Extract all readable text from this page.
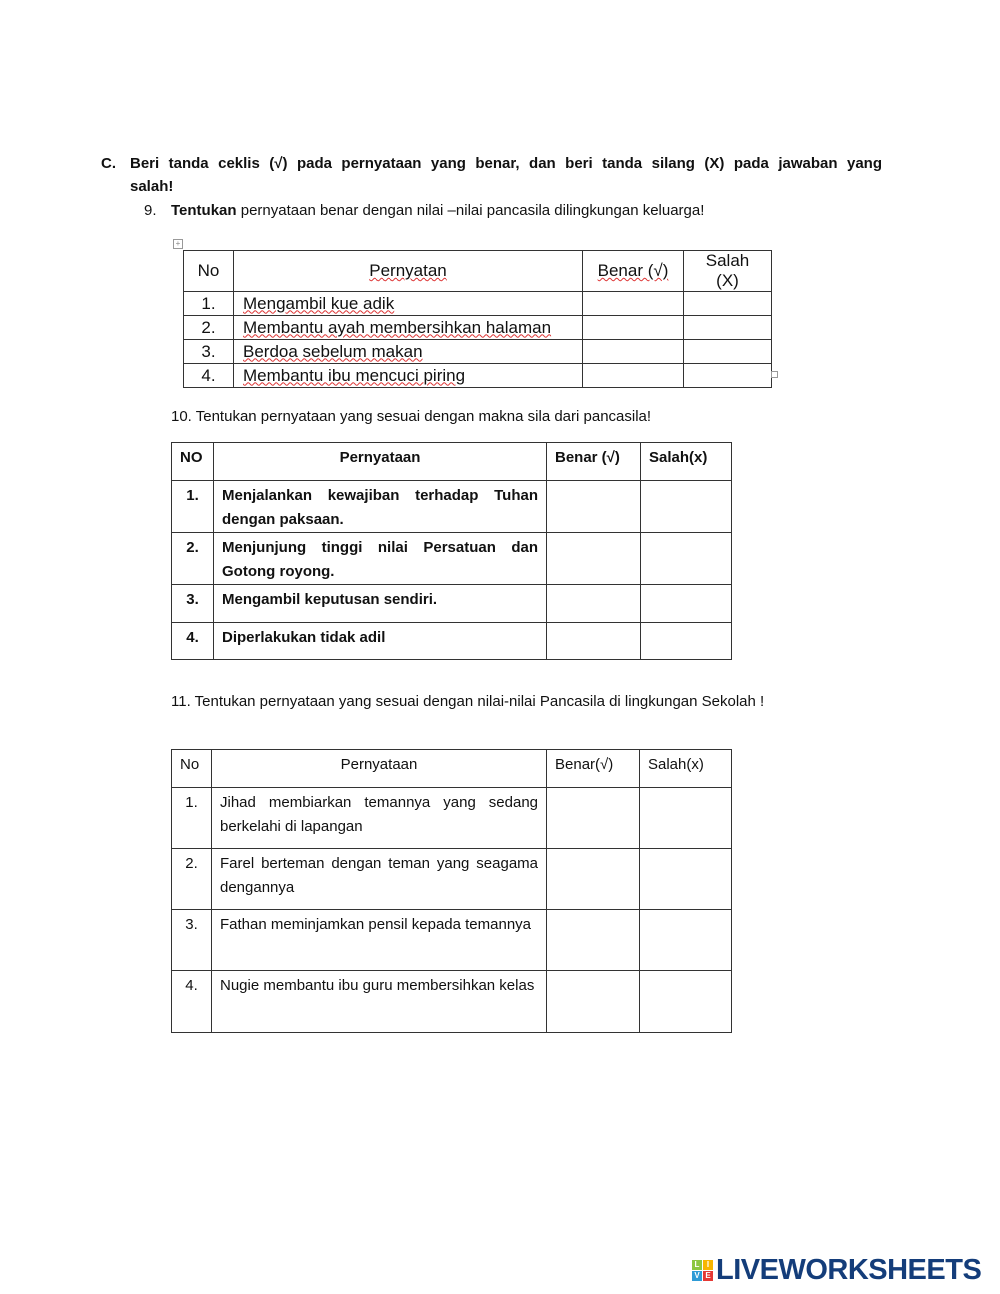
C. Beri tanda ceklis (√) pada pernyataan yang benar, dan beri tanda silang (X) pada jawaban yang
salah!
9. Tentukan pernyataan benar dengan nilai –nilai pancasila dilingkungan keluarga!
+
No	Pernyatan	Benar (√)	Salah (X)
1.	Mengambil kue adik		
2.	Membantu ayah membersihkan halaman		
3.	Berdoa sebelum makan		
4.	Membantu ibu mencuci piring		
10. Tentukan pernyataan yang sesuai dengan makna sila dari pancasila!
NO	Pernyataan	Benar (√)	Salah(x)
1.	Menjalankan kewajiban terhadap Tuhan dengan paksaan.		
2.	Menjunjung tinggi nilai Persatuan dan Gotong royong.		
3.	Mengambil keputusan sendiri.		
4.	Diperlakukan tidak adil		
11. Tentukan pernyataan yang sesuai dengan nilai-nilai Pancasila di lingkungan Sekolah !
No	Pernyataan	Benar(√)	Salah(x)
1.	Jihad membiarkan temannya yang sedang berkelahi di lapangan		
2.	Farel berteman dengan teman yang seagama dengannya		
3.	Fathan meminjamkan pensil kepada temannya		
4.	Nugie membantu ibu guru membersihkan kelas		
L I
V E LIVEWORKSHEETS
